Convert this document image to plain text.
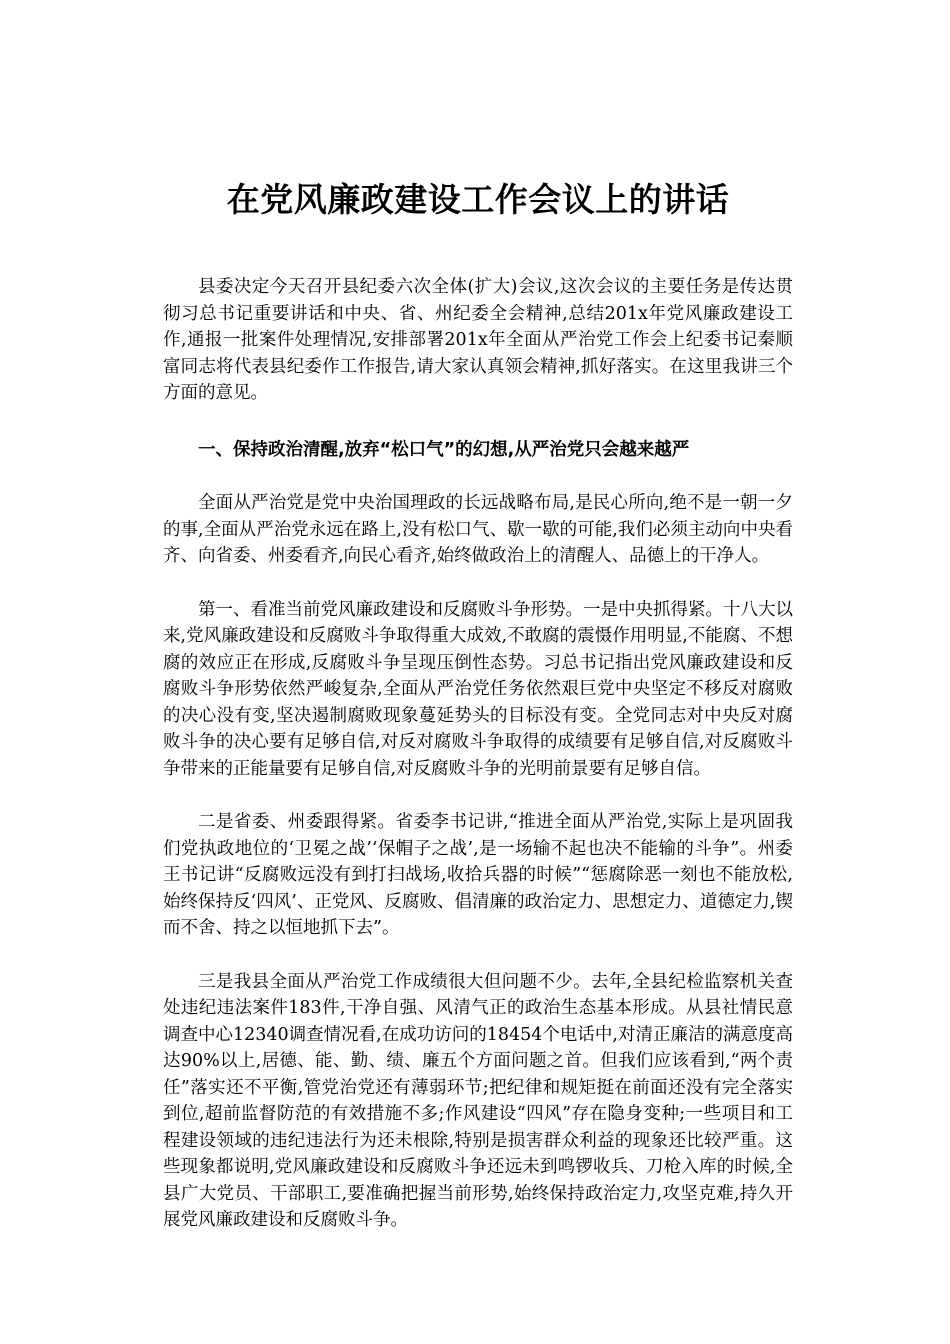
在党风廉政建设工作会议上的讲话

县委决定今天召开县纪委六次全体(扩大)会议,这次会议的主要任务是传达贯彻习总书记重要讲话和中央、省、州纪委全会精神,总结201x年党风廉政建设工作,通报一批案件处理情况,安排部署201x年全面从严治党工作会上纪委书记秦顺富同志将代表县纪委作工作报告,请大家认真领会精神,抓好落实。在这里我讲三个方面的意见。

一、保持政治清醒,放弃“松口气”的幻想,从严治党只会越来越严

全面从严治党是党中央治国理政的长远战略布局,是民心所向,绝不是一朝一夕的事,全面从严治党永远在路上,没有松口气、歇一歇的可能,我们必须主动向中央看齐、向省委、州委看齐,向民心看齐,始终做政治上的清醒人、品德上的干净人。

第一、看准当前党风廉政建设和反腐败斗争形势。一是中央抓得紧。十八大以来,党风廉政建设和反腐败斗争取得重大成效,不敢腐的震慑作用明显,不能腐、不想腐的效应正在形成,反腐败斗争呈现压倒性态势。习总书记指出党风廉政建设和反腐败斗争形势依然严峻复杂,全面从严治党任务依然艰巨党中央坚定不移反对腐败的决心没有变,坚决遏制腐败现象蔓延势头的目标没有变。全党同志对中央反对腐败斗争的决心要有足够自信,对反对腐败斗争取得的成绩要有足够自信,对反腐败斗争带来的正能量要有足够自信,对反腐败斗争的光明前景要有足够自信。

二是省委、州委跟得紧。省委李书记讲,“推进全面从严治党,实际上是巩固我们党执政地位的‘卫冕之战’‘保帽子之战’,是一场输不起也决不能输的斗争”。州委王书记讲“反腐败远没有到打扫战场,收拾兵器的时候”“惩腐除恶一刻也不能放松,始终保持反‘四风’、正党风、反腐败、倡清廉的政治定力、思想定力、道德定力,锲而不舍、持之以恒地抓下去”。

三是我县全面从严治党工作成绩很大但问题不少。去年,全县纪检监察机关查处违纪违法案件183件,干净自强、风清气正的政治生态基本形成。从县社情民意调查中心12340调查情况看,在成功访问的18454个电话中,对清正廉洁的满意度高达90%以上,居德、能、勤、绩、廉五个方面问题之首。但我们应该看到,“两个责任”落实还不平衡,管党治党还有薄弱环节;把纪律和规矩挺在前面还没有完全落实到位,超前监督防范的有效措施不多;作风建设“四风”存在隐身变种;一些项目和工程建设领域的违纪违法行为还未根除,特别是损害群众利益的现象还比较严重。这些现象都说明,党风廉政建设和反腐败斗争还远未到鸣锣收兵、刀枪入库的时候,全县广大党员、干部职工,要准确把握当前形势,始终保持政治定力,攻坚克难,持久开展党风廉政建设和反腐败斗争。
